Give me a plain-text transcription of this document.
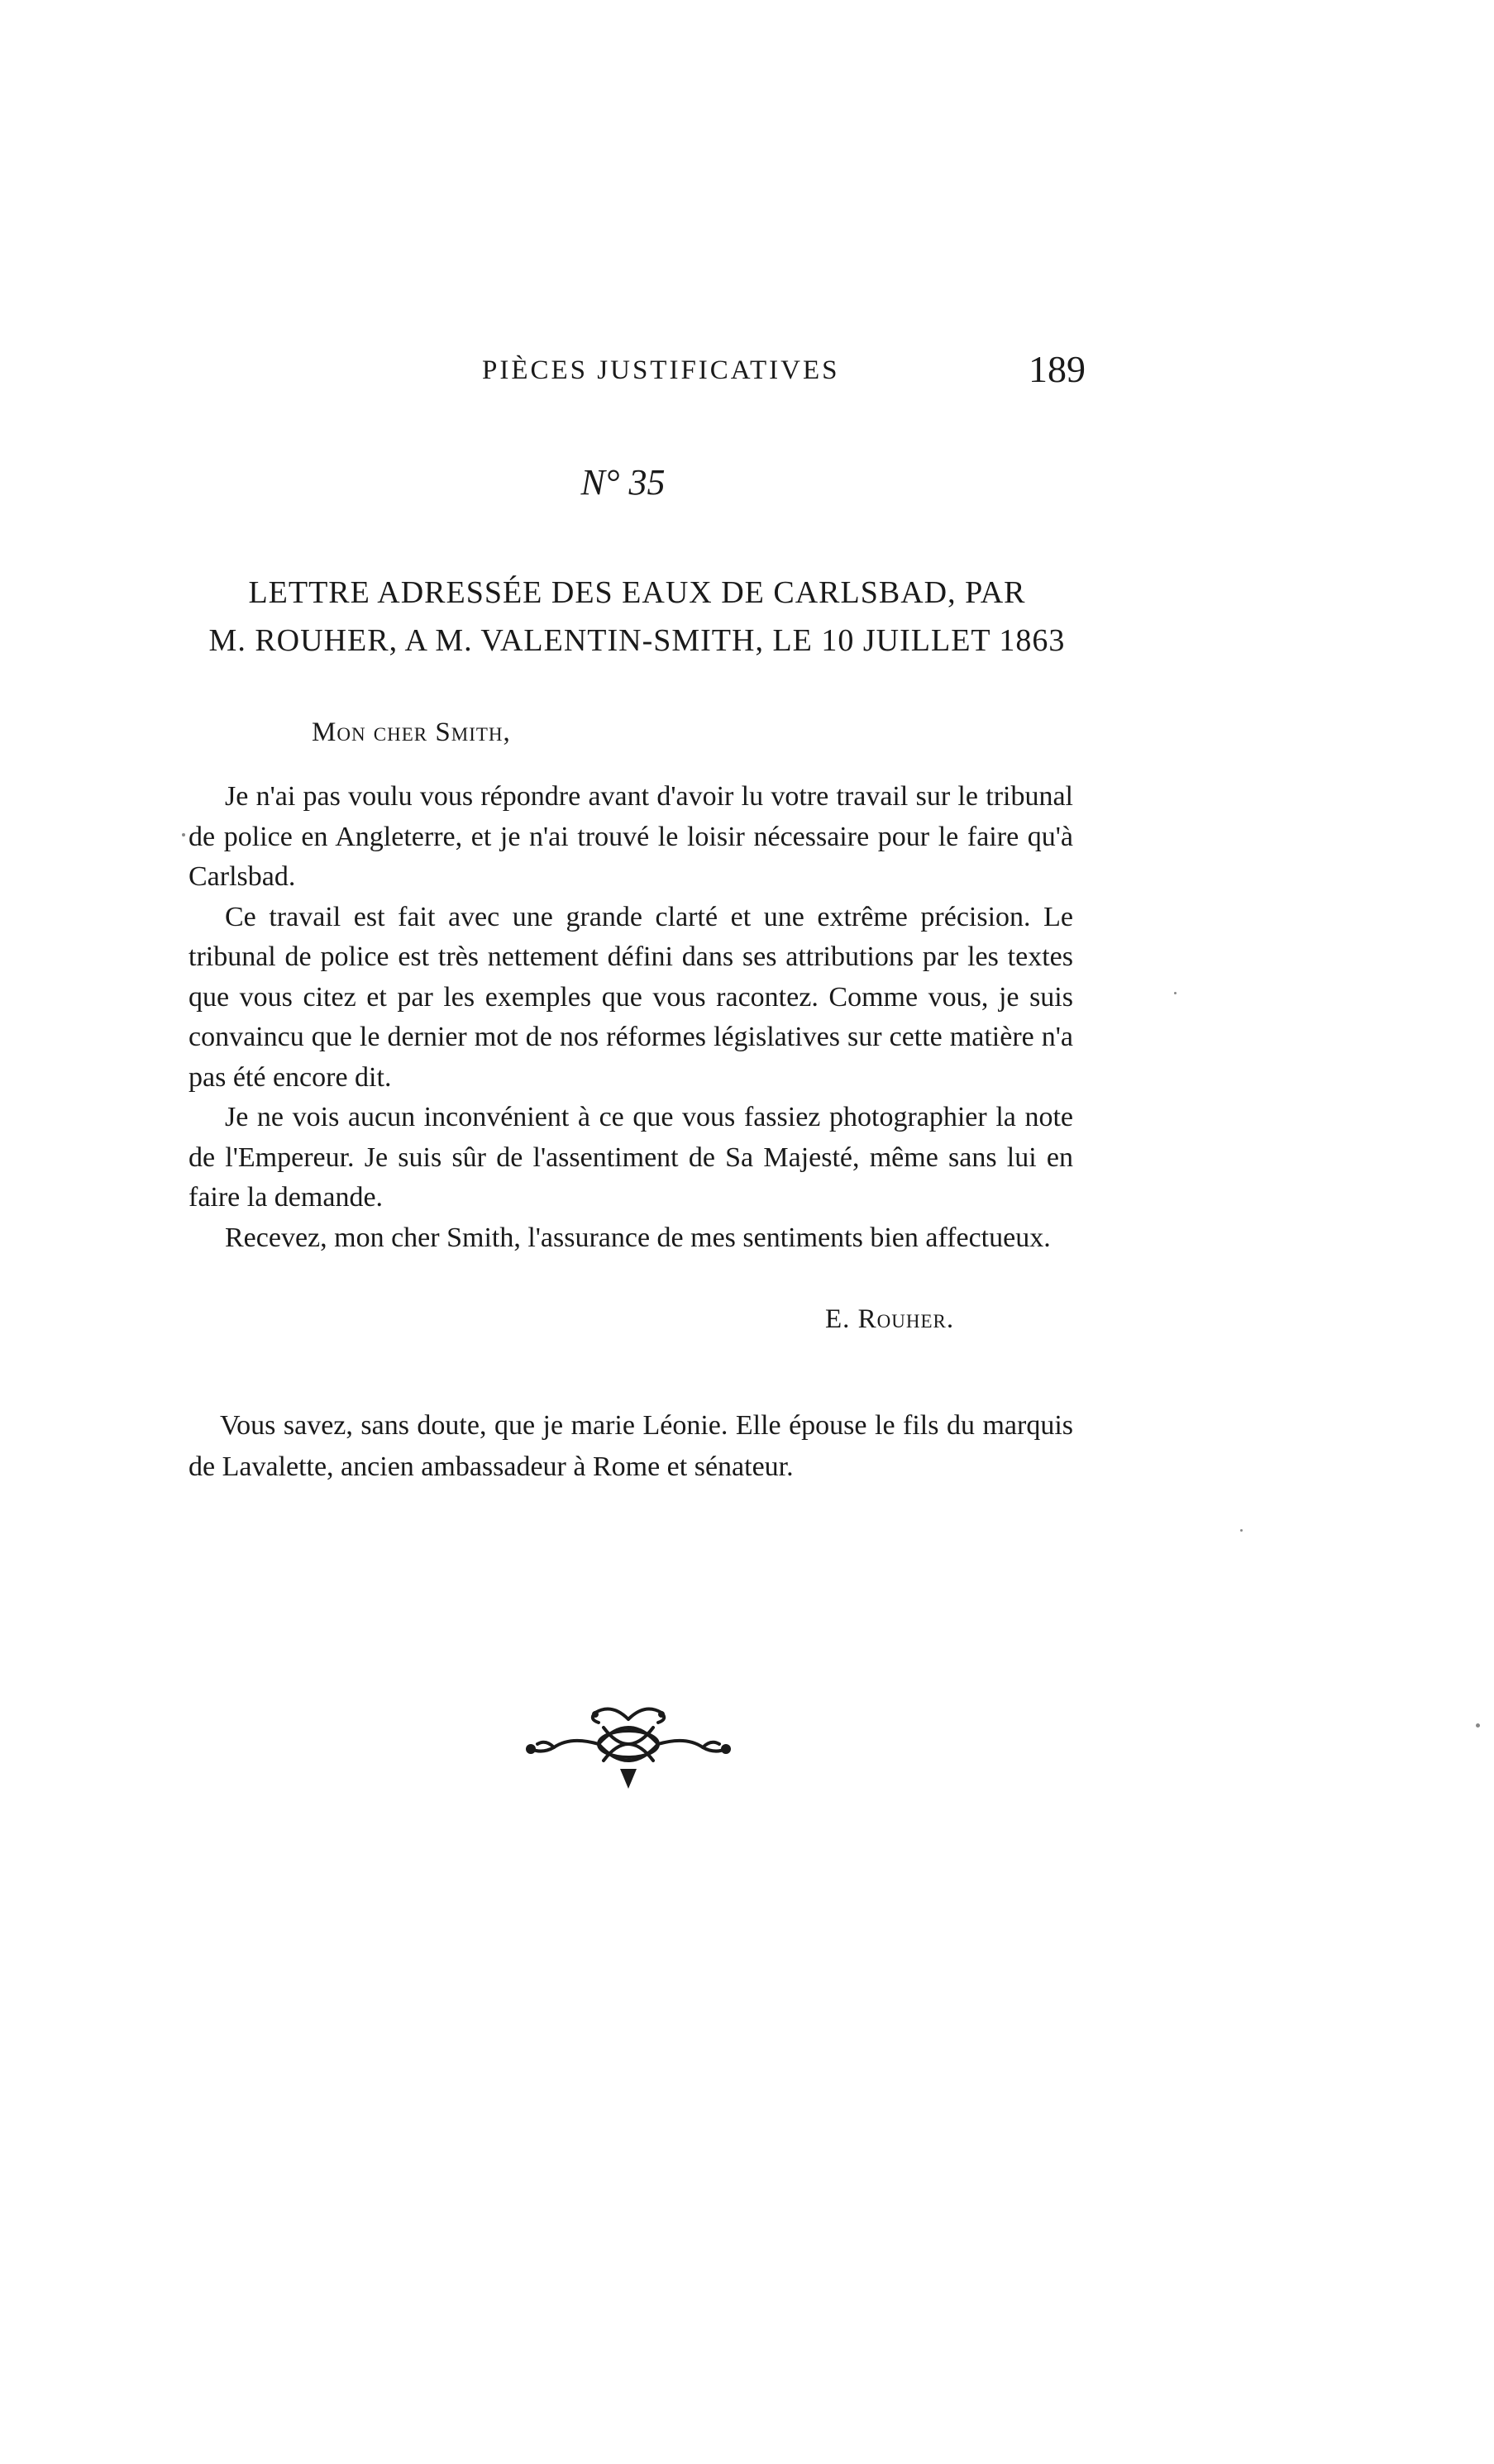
PIÈCES JUSTIFICATIVES	189
N° 35
LETTRE ADRESSÉE DES EAUX DE CARLSBAD, PAR
M. ROUHER, A M. VALENTIN-SMITH, LE 10 JUILLET 1863
Mon cher Smith,

Je n'ai pas voulu vous répondre avant d'avoir lu votre travail sur le tribunal de police en Angleterre, et je n'ai trouvé le loisir nécessaire pour le faire qu'à Carlsbad.

Ce travail est fait avec une grande clarté et une extrême précision. Le tribunal de police est très nettement défini dans ses attributions par les textes que vous citez et par les exemples que vous racontez. Comme vous, je suis convaincu que le dernier mot de nos réformes législatives sur cette matière n'a pas été encore dit.

Je ne vois aucun inconvénient à ce que vous fassiez photographier la note de l'Empereur. Je suis sûr de l'assentiment de Sa Majesté, même sans lui en faire la demande.

Recevez, mon cher Smith, l'assurance de mes sentiments bien affectueux.

E. Rouher.

Vous savez, sans doute, que je marie Léonie. Elle épouse le fils du marquis de Lavalette, ancien ambassadeur à Rome et sénateur.
